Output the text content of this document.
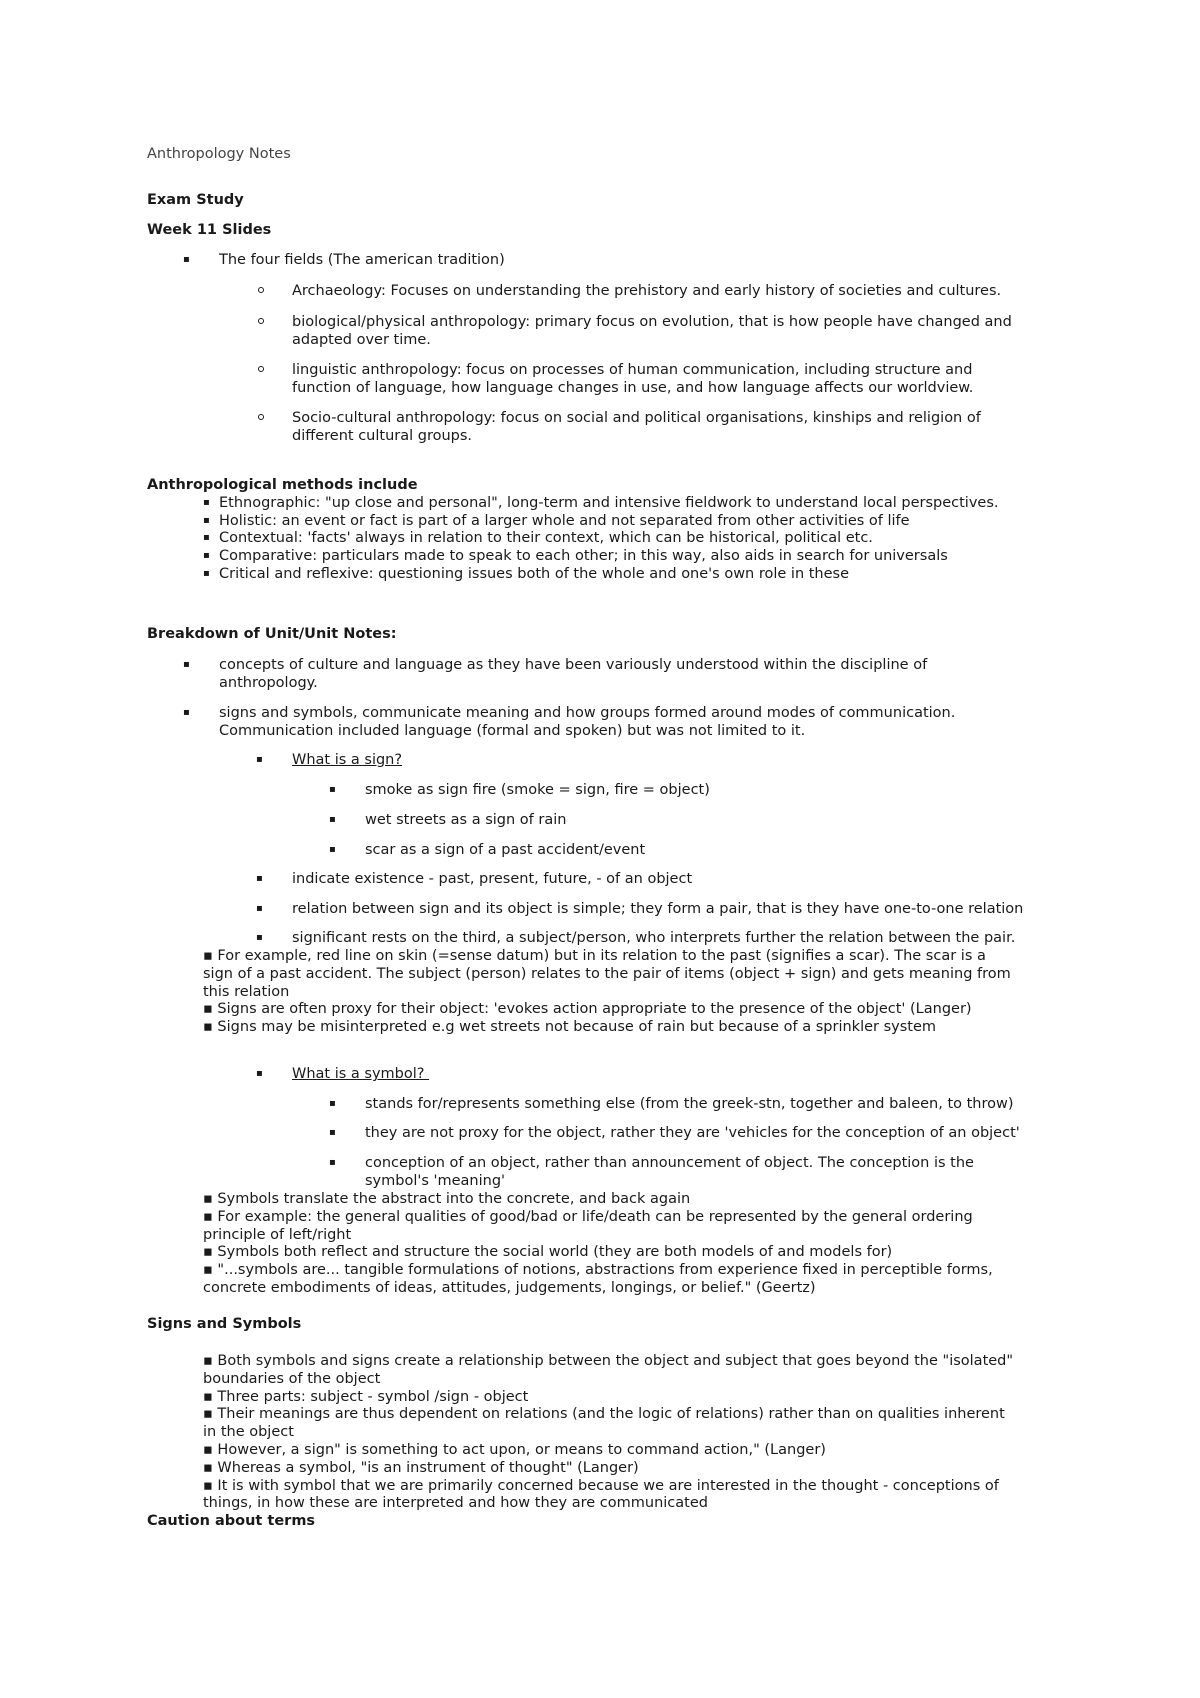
Anthropology Notes
Exam Study
Week 11 Slides
▪ The four fields (The american tradition)
Archaeology: Focuses on understanding the prehistory and early history of societies and cultures.
biological/physical anthropology: primary focus on evolution, that is how people have changed and
adapted over time.
linguistic anthropology: focus on processes of human communication, including structure and
function of language, how language changes in use, and how language affects our worldview.
Socio-cultural anthropology: focus on social and political organisations, kinships and religion of
different cultural groups.
Anthropological methods include
▪ Ethnographic: "up close and personal", long-term and intensive fieldwork to understand local perspectives.
▪ Holistic: an event or fact is part of a larger whole and not separated from other activities of life
▪ Contextual: 'facts' always in relation to their context, which can be historical, political etc.
▪ Comparative: particulars made to speak to each other; in this way, also aids in search for universals
▪ Critical and reflexive: questioning issues both of the whole and one's own role in these
Breakdown of Unit/Unit Notes:
▪ concepts of culture and language as they have been variously understood within the discipline of
anthropology.
▪ signs and symbols, communicate meaning and how groups formed around modes of communication.
Communication included language (formal and spoken) but was not limited to it.
▪ What is a sign?
▪ smoke as sign fire (smoke = sign, fire = object)
▪ wet streets as a sign of rain
▪ scar as a sign of a past accident/event
▪ indicate existence - past, present, future, - of an object
▪ relation between sign and its object is simple; they form a pair, that is they have one-to-one relation
▪ significant rests on the third, a subject/person, who interprets further the relation between the pair.
▪ For example, red line on skin (=sense datum) but in its relation to the past (signifies a scar). The scar is a
sign of a past accident. The subject (person) relates to the pair of items (object + sign) and gets meaning from
this relation
▪ Signs are often proxy for their object: 'evokes action appropriate to the presence of the object' (Langer)
▪ Signs may be misinterpreted e.g wet streets not because of rain but because of a sprinkler system
▪ What is a symbol?
▪ stands for/represents something else (from the greek-stn, together and baleen, to throw)
▪ they are not proxy for the object, rather they are 'vehicles for the conception of an object'
▪ conception of an object, rather than announcement of object. The conception is the
symbol's 'meaning'
▪ Symbols translate the abstract into the concrete, and back again
▪ For example: the general qualities of good/bad or life/death can be represented by the general ordering
principle of left/right
▪ Symbols both reflect and structure the social world (they are both models of and models for)
▪ "...symbols are... tangible formulations of notions, abstractions from experience fixed in perceptible forms,
concrete embodiments of ideas, attitudes, judgements, longings, or belief." (Geertz)
Signs and Symbols
▪ Both symbols and signs create a relationship between the object and subject that goes beyond the "isolated"
boundaries of the object
▪ Three parts: subject - symbol /sign - object
▪ Their meanings are thus dependent on relations (and the logic of relations) rather than on qualities inherent
in the object
▪ However, a sign" is something to act upon, or means to command action," (Langer)
▪ Whereas a symbol, "is an instrument of thought" (Langer)
▪ It is with symbol that we are primarily concerned because we are interested in the thought - conceptions of
things, in how these are interpreted and how they are communicated
Caution about terms
